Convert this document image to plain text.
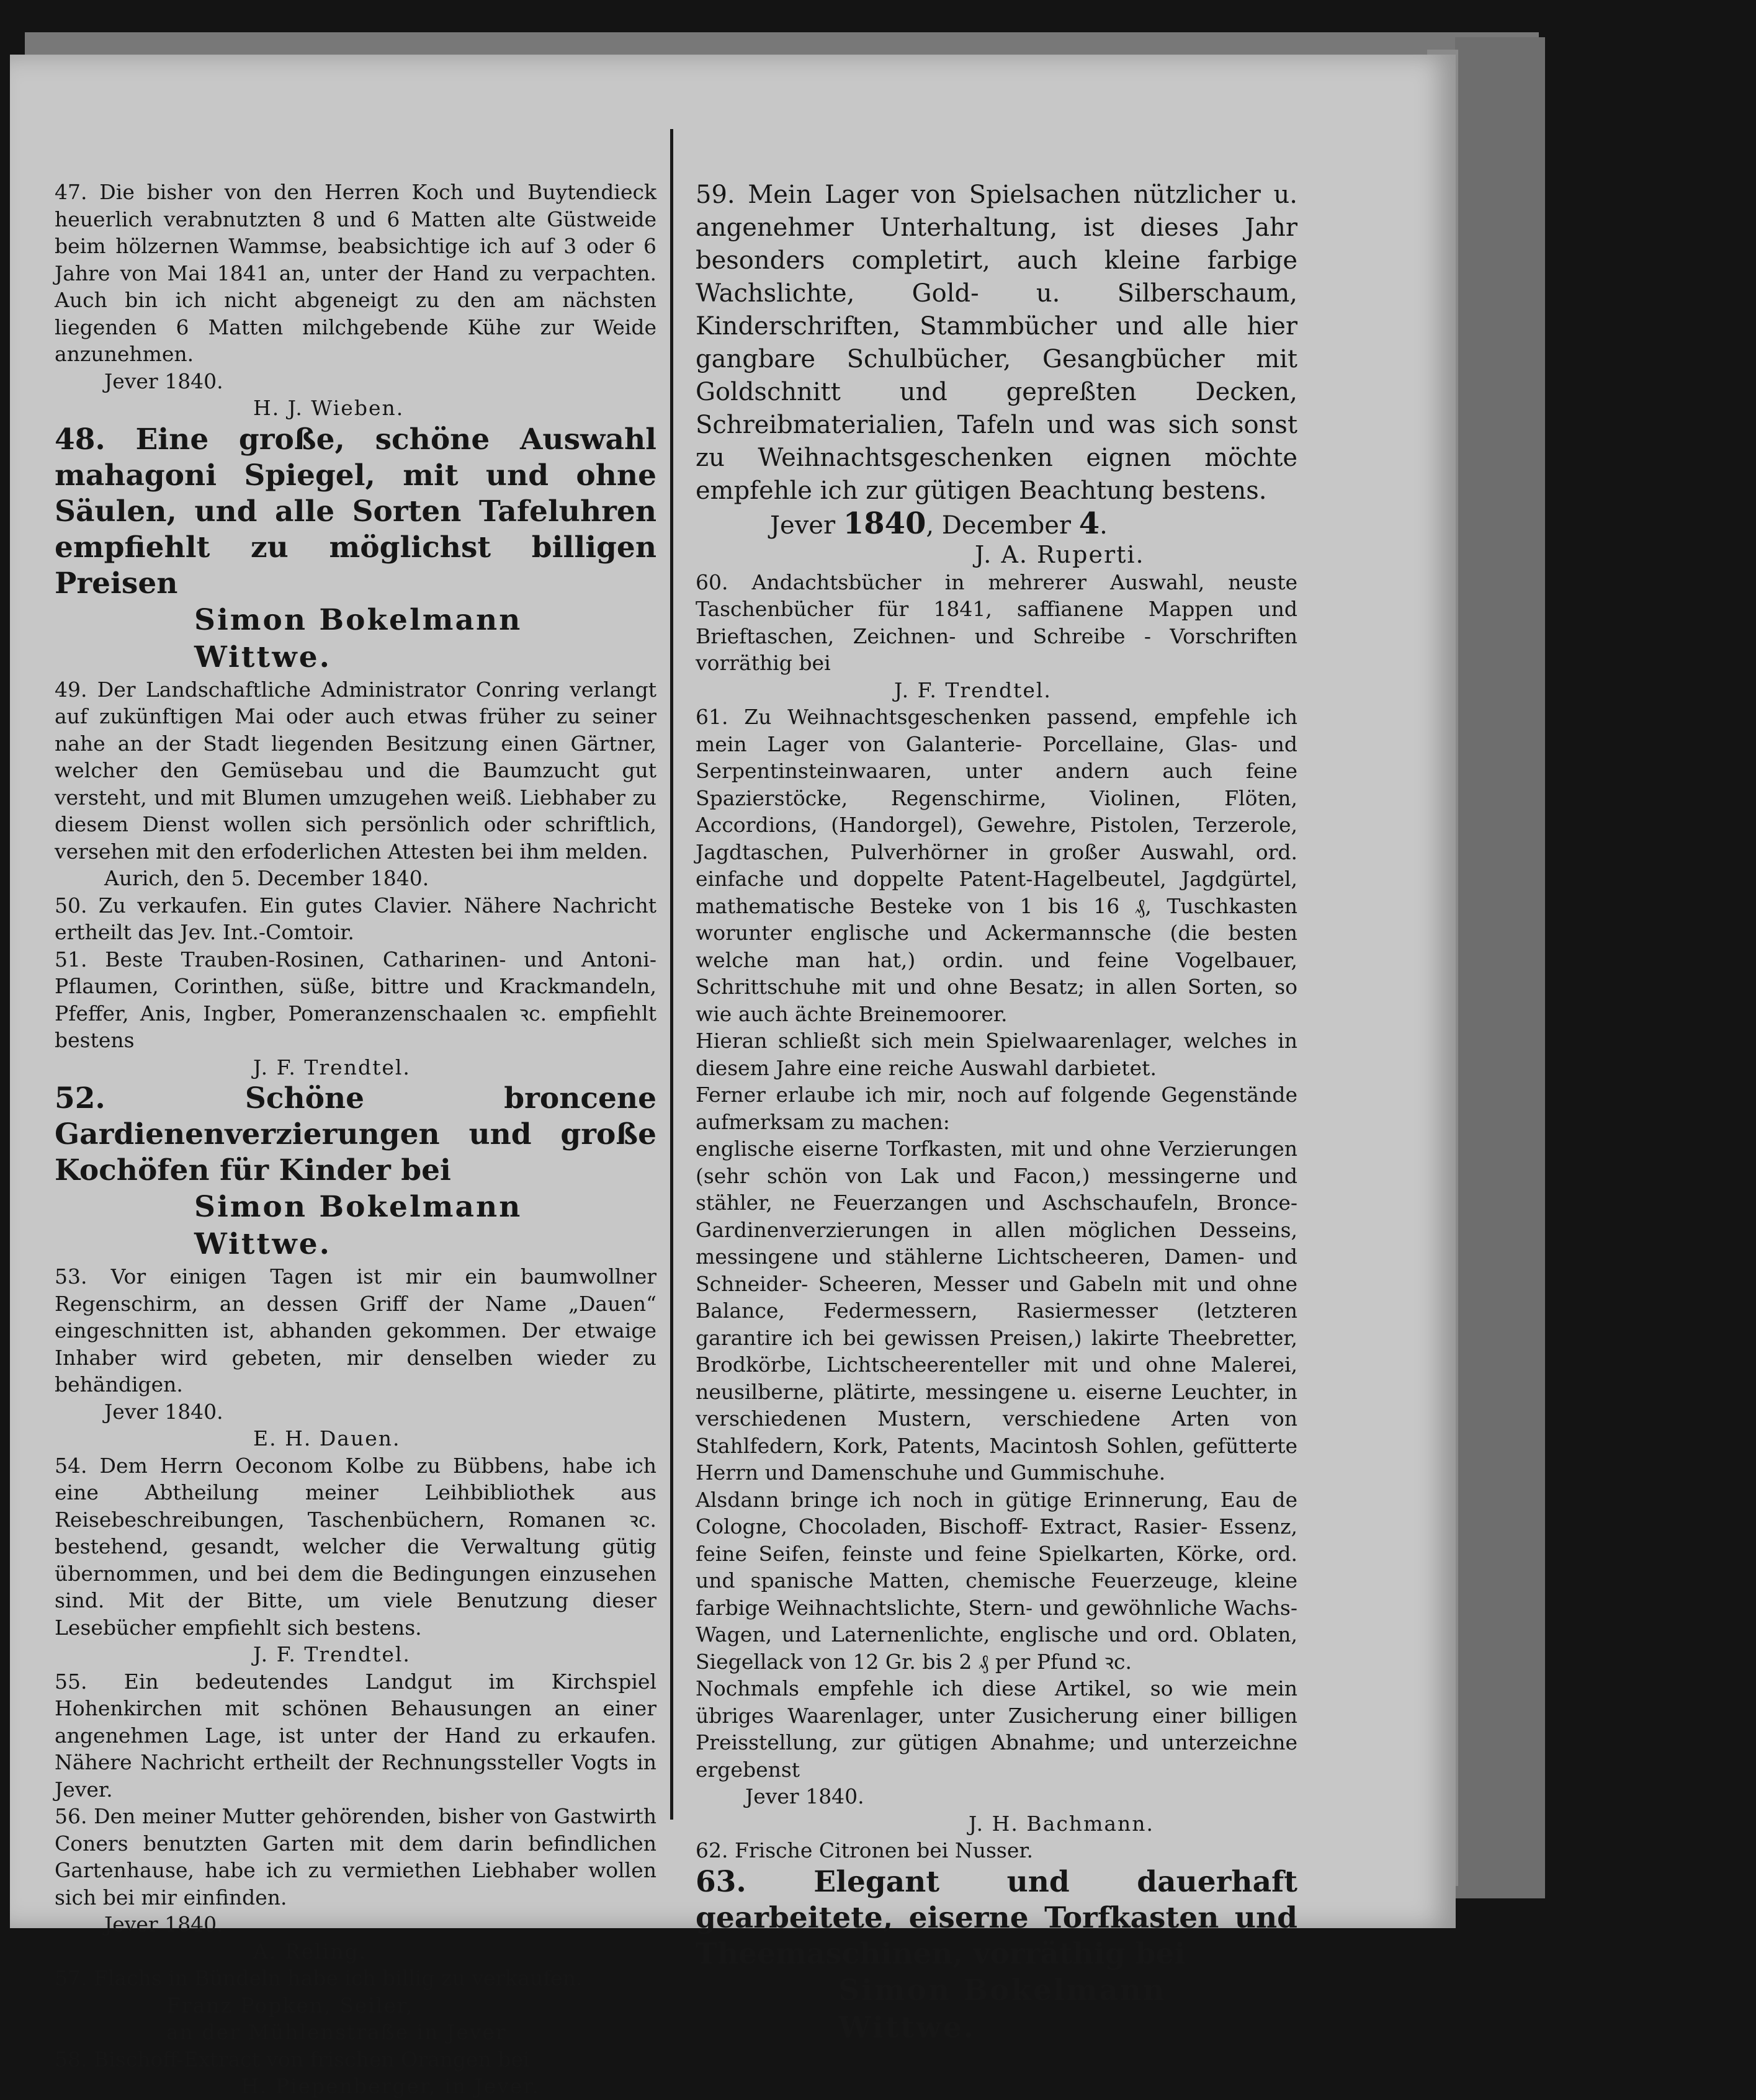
47. Die bisher von den Herren Koch und Buytendieck heuerlich verabnutzten 8 und 6 Matten alte Güstweide beim hölzernen Wammse, beabsichtige ich auf 3 oder 6 Jahre von Mai 1841 an, unter der Hand zu verpachten. Auch bin ich nicht abgeneigt zu den am nächsten liegenden 6 Matten milchgebende Kühe zur Weide anzunehmen.

Jever 1840.

H. J. Wieben.

48. Eine große, schöne Auswahl mahagoni Spiegel, mit und ohne Säulen, und alle Sorten Tafeluhren empfiehlt zu möglichst billigen Preisen

Simon Bokelmann Wittwe.

49. Der Landschaftliche Administrator Conring verlangt auf zukünftigen Mai oder auch etwas früher zu seiner nahe an der Stadt liegenden Besitzung einen Gärtner, welcher den Gemüsebau und die Baumzucht gut versteht, und mit Blumen umzugehen weiß. Liebhaber zu diesem Dienst wollen sich persönlich oder schriftlich, versehen mit den erfoderlichen Attesten bei ihm melden.

Aurich, den 5. December 1840.

50. Zu verkaufen. Ein gutes Clavier. Nähere Nachricht ertheilt das Jev. Int.-Comtoir.

51. Beste Trauben-Rosinen, Catharinen- und Antoni-Pflaumen, Corinthen, süße, bittre und Krackmandeln, Pfeffer, Anis, Ingber, Pomeranzenschaalen ꝛc. empfiehlt bestens

J. F. Trendtel.

52. Schöne broncene Gardienenverzierungen und große Kochöfen für Kinder bei

Simon Bokelmann Wittwe.

53. Vor einigen Tagen ist mir ein baumwollner Regenschirm, an dessen Griff der Name „Dauen“ eingeschnitten ist, abhanden gekommen. Der etwaige Inhaber wird gebeten, mir denselben wieder zu behändigen.

Jever 1840.

E. H. Dauen.

54. Dem Herrn Oeconom Kolbe zu Bübbens, habe ich eine Abtheilung meiner Leihbibliothek aus Reisebeschreibungen, Taschenbüchern, Romanen ꝛc. bestehend, gesandt, welcher die Verwaltung gütig übernommen, und bei dem die Bedingungen einzusehen sind. Mit der Bitte, um viele Benutzung dieser Lesebücher empfiehlt sich bestens.

J. F. Trendtel.

55. Ein bedeutendes Landgut im Kirchspiel Hohenkirchen mit schönen Behausungen an einer angenehmen Lage, ist unter der Hand zu erkaufen. Nähere Nachricht ertheilt der Rechnungssteller Vogts in Jever.

56. Den meiner Mutter gehörenden, bisher von Gastwirth Coners benutzten Garten mit dem darin befindlichen Gartenhause, habe ich zu vermiethen Liebhaber wollen sich bei mir einfinden.

Jever 1840.

A. Reling.

57. Flachs in Bündeln habe ich billig zu verkaufen.

Franz Popken, Seiler,
an der Mühlenstraße in Jever

58. Bischoff-Extract von frischen Orangen bei

H. Piepenberger, in Jever.

59. Mein Lager von Spielsachen nützlicher u. angenehmer Unterhaltung, ist dieses Jahr besonders completirt, auch kleine farbige Wachslichte, Gold- u. Silberschaum, Kinderschriften, Stammbücher und alle hier gangbare Schulbücher, Gesangbücher mit Goldschnitt und gepreßten Decken, Schreibmaterialien, Tafeln und was sich sonst zu Weihnachtsgeschenken eignen möchte empfehle ich zur gütigen Beachtung bestens.

Jever 1840, December 4.

J. A. Ruperti.

60. Andachtsbücher in mehrerer Auswahl, neuste Taschenbücher für 1841, saffianene Mappen und Brieftaschen, Zeichnen- und Schreibe - Vorschriften vorräthig bei

J. F. Trendtel.

61. Zu Weihnachtsgeschenken passend, empfehle ich mein Lager von Galanterie- Porcellaine, Glas- und Serpentinsteinwaaren, unter andern auch feine Spazierstöcke, Regenschirme, Violinen, Flöten, Accordions, (Handorgel), Gewehre, Pistolen, Terzerole, Jagdtaschen, Pulverhörner in großer Auswahl, ord. einfache und doppelte Patent-Hagelbeutel, Jagdgürtel, mathematische Besteke von 1 bis 16 ₰, Tuschkasten worunter englische und Ackermannsche (die besten welche man hat,) ordin. und feine Vogelbauer, Schrittschuhe mit und ohne Besatz; in allen Sorten, so wie auch ächte Breinemoorer.

Hieran schließt sich mein Spielwaarenlager, welches in diesem Jahre eine reiche Auswahl darbietet.

Ferner erlaube ich mir, noch auf folgende Gegenstände aufmerksam zu machen:

englische eiserne Torfkasten, mit und ohne Verzierungen (sehr schön von Lak und Facon,) messingerne und stähler, ne Feuerzangen und Aschschaufeln, Bronce- Gardinenverzierungen in allen möglichen Desseins, messingene und stählerne Lichtscheeren, Damen- und Schneider- Scheeren, Messer und Gabeln mit und ohne Balance, Federmessern, Rasiermesser (letzteren garantire ich bei gewissen Preisen,) lakirte Theebretter, Brodkörbe, Lichtscheerenteller mit und ohne Malerei, neusilberne, plätirte, messingene u. eiserne Leuchter, in verschiedenen Mustern, verschiedene Arten von Stahlfedern, Kork, Patents, Macintosh Sohlen, gefütterte Herrn und Damenschuhe und Gummischuhe.

Alsdann bringe ich noch in gütige Erinnerung, Eau de Cologne, Chocoladen, Bischoff- Extract, Rasier- Essenz, feine Seifen, feinste und feine Spielkarten, Körke, ord. und spanische Matten, chemische Feuerzeuge, kleine farbige Weihnachtslichte, Stern- und gewöhnliche Wachs-Wagen, und Laternenlichte, englische und ord. Oblaten, Siegellack von 12 Gr. bis 2 ₰ per Pfund ꝛc.

Nochmals empfehle ich diese Artikel, so wie mein übriges Waarenlager, unter Zusicherung einer billigen Preisstellung, zur gütigen Abnahme; und unterzeichne ergebenst

Jever 1840.

J. H. Bachmann.

62. Frische Citronen bei Nusser.

63. Elegant und dauerhaft gearbeitete, eiserne Torfkasten und Theemaschinen, vorräthig bei

Simon Bokelmann Wittwe.
